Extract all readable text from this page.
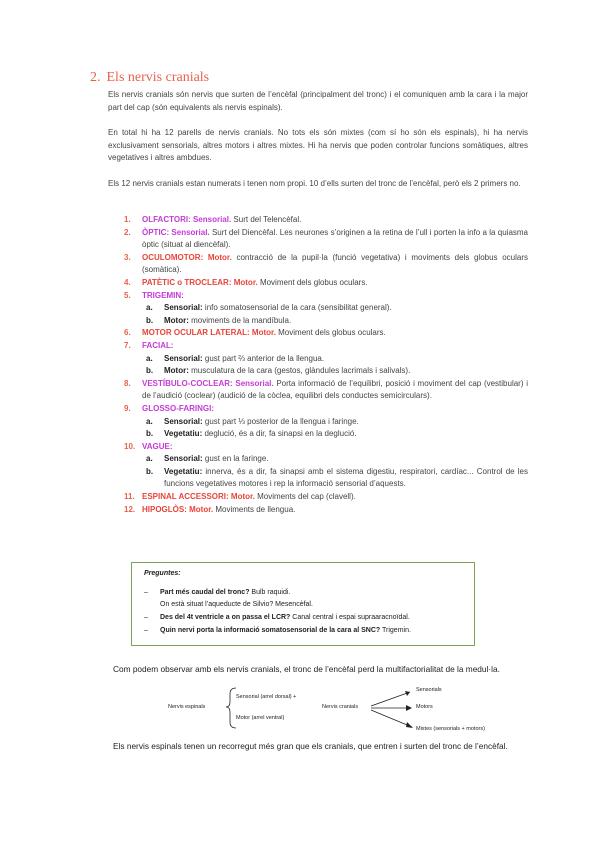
2. Els nervis cranials
Els nervis cranials són nervis que surten de l’encèfal (principalment del tronc) i el comuniquen amb la cara i la major part del cap (són equivalents als nervis espinals).
En total hi ha 12 parells de nervis cranials. No tots els són mixtes (com sí ho són els espinals), hi ha nervis exclusivament sensorials, altres motors i altres mixtes. Hi ha nervis que poden controlar funcions somàtiques, altres vegetatives i altres ambdues.
Els 12 nervis cranials estan numerats i tenen nom propi. 10 d’ells surten del tronc de l’encèfal, però els 2 primers no.
1. OLFACTORI: Sensorial. Surt del Telencèfal.
2. ÒPTIC: Sensorial. Surt del Diencèfal. Les neurones s’originen a la retina de l’ull i porten la info a la quiasma òptic (situat al diencèfal).
3. OCULOMOTOR: Motor. contracció de la pupil·la (funció vegetativa) i moviments dels globus oculars (somàtica).
4. PATÈTIC o TROCLEAR: Motor. Moviment dels globus oculars.
5. TRIGEMIN:
a. Sensorial: info somatosensorial de la cara (sensibilitat general).
b. Motor: moviments de la mandíbula.
6. MOTOR OCULAR LATERAL: Motor. Moviment dels globus oculars.
7. FACIAL:
a. Sensorial: gust part ⅔ anterior de la llengua.
b. Motor: musculatura de la cara (gestos, glàndules lacrimals i salivals).
8. VESTÍBULO-COCLEAR: Sensorial. Porta informació de l’equilibri, posició i moviment del cap (vestibular) i de l’audició (coclear) (audició de la còclea, equilibri dels conductes semicirculars).
9. GLOSSO-FARINGI:
a. Sensorial: gust part ⅓ posterior de la llengua i faringe.
b. Vegetatiu: deglució, és a dir, fa sinapsi en la deglució.
10. VAGUE:
a. Sensorial: gust en la faringe.
b. Vegetatiu: innerva, és a dir, fa sinapsi amb el sistema digestiu, respiratori, cardíac... Control de les funcions vegetatives motores i rep la informació sensorial d’aquests.
11. ESPINAL ACCESSORI: Motor. Moviments del cap (clavell).
12. HIPOGLÒS: Motor. Moviments de llengua.
Preguntes:
– Part més caudal del tronc? Bulb raquidi.
On està situat l’aqueducte de Silvio? Mesencèfal.
– Des del 4t ventricle a on passa el LCR? Canal central i espai supraaracnoïdal.
– Quin nervi porta la informació somatosensorial de la cara al SNC? Trigemin.
Com podem observar amb els nervis cranials, el tronc de l’encèfal perd la multifactorialitat de la medul·la.
Nervis espinals
Sensorial (arrel dorsal) +
Motor (arrel ventral)
Nervis cranials
Sensorials
Motors
Mixtes (sensorials + motors)
Els nervis espinals tenen un recorregut més gran que els cranials, que entren i surten del tronc de l’encèfal.
